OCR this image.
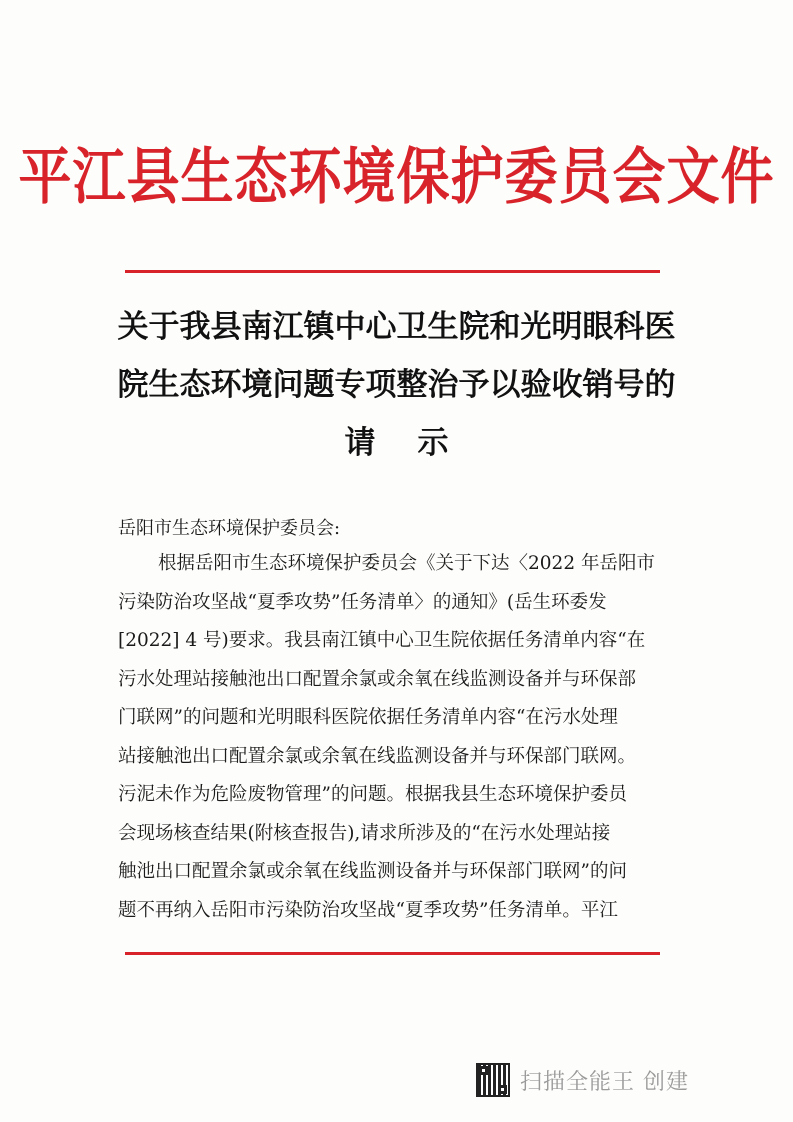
平江县生态环境保护委员会文件
关于我县南江镇中心卫生院和光明眼科医
院生态环境问题专项整治予以验收销号的
请示
岳阳市生态环境保护委员会:
根据岳阳市生态环境保护委员会《关于下达〈2022 年岳阳市
污染防治攻坚战“夏季攻势”任务清单〉的通知》(岳生环委发
[2022] 4 号)要求。我县南江镇中心卫生院依据任务清单内容“在
污水处理站接触池出口配置余氯或余氧在线监测设备并与环保部
门联网”的问题和光明眼科医院依据任务清单内容“在污水处理
站接触池出口配置余氯或余氧在线监测设备并与环保部门联网。
污泥未作为危险废物管理”的问题。根据我县生态环境保护委员
会现场核查结果(附核查报告),请求所涉及的“在污水处理站接
触池出口配置余氯或余氧在线监测设备并与环保部门联网”的问
题不再纳入岳阳市污染防治攻坚战“夏季攻势”任务清单。平江
扫描全能王 创建
